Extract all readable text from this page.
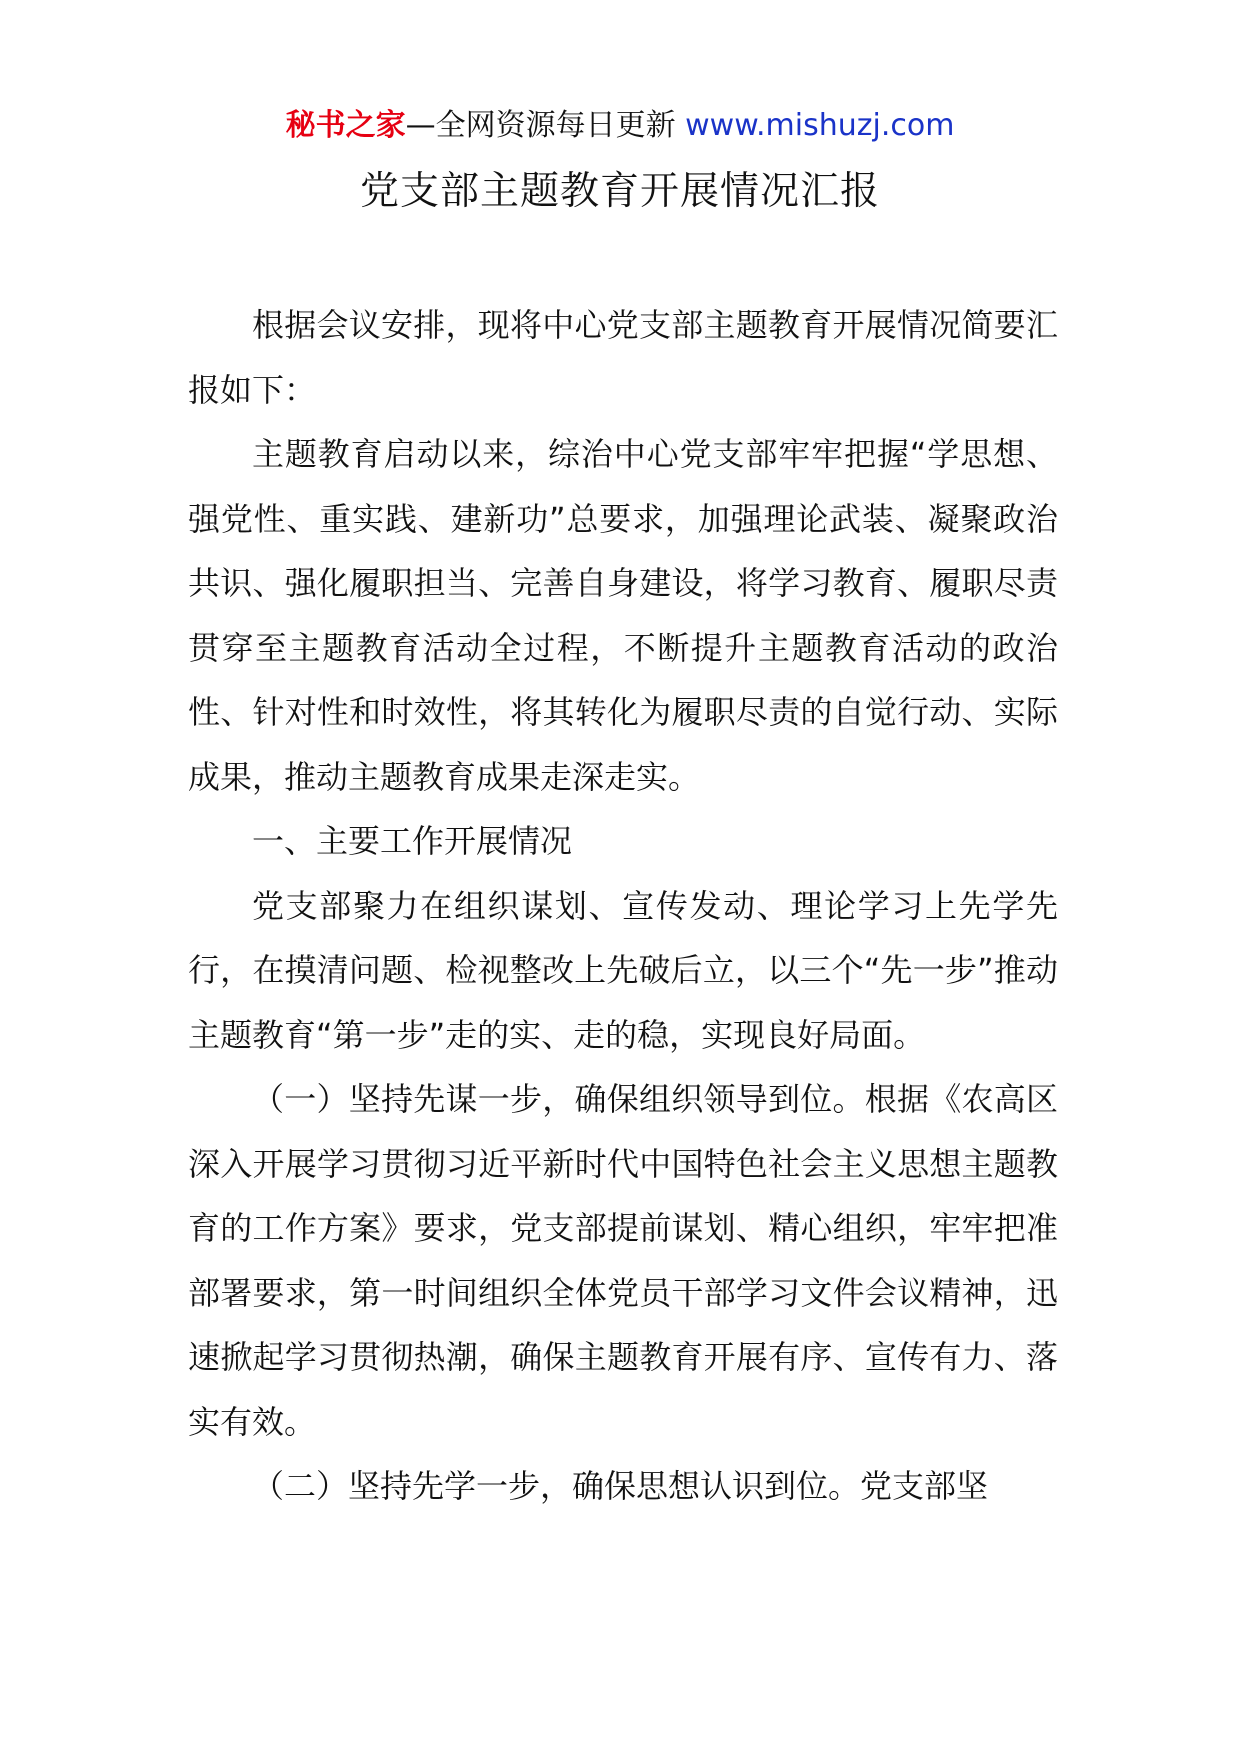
秘书之家—全网资源每日更新 www.mishuzj.com
党支部主题教育开展情况汇报

根据会议安排，现将中心党支部主题教育开展情况简要汇报如下：

主题教育启动以来，综治中心党支部牢牢把握“学思想、强党性、重实践、建新功”总要求，加强理论武装、凝聚政治共识、强化履职担当、完善自身建设，将学习教育、履职尽责贯穿至主题教育活动全过程，不断提升主题教育活动的政治性、针对性和时效性，将其转化为履职尽责的自觉行动、实际成果，推动主题教育成果走深走实。

一、主要工作开展情况

党支部聚力在组织谋划、宣传发动、理论学习上先学先行，在摸清问题、检视整改上先破后立，以三个“先一步”推动主题教育“第一步”走的实、走的稳，实现良好局面。

（一）坚持先谋一步，确保组织领导到位。根据《农高区深入开展学习贯彻习近平新时代中国特色社会主义思想主题教育的工作方案》要求，党支部提前谋划、精心组织，牢牢把准部署要求，第一时间组织全体党员干部学习文件会议精神，迅速掀起学习贯彻热潮，确保主题教育开展有序、宣传有力、落实有效。

（二）坚持先学一步，确保思想认识到位。党支部坚
